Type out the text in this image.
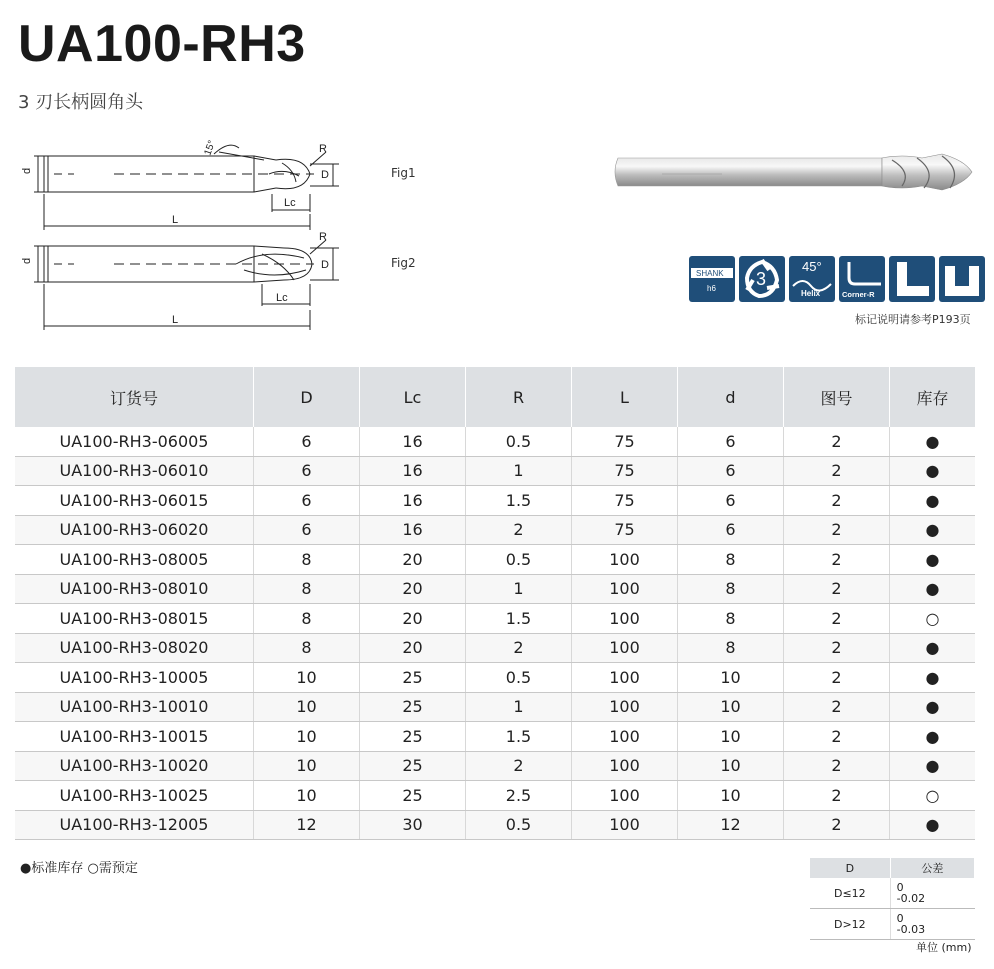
UA100-RH3
3 刃长柄圆角头
d	D
R
15°
Lc
L
d	D
R
Lc
L
Fig1
Fig2
SHANK
h6 3
45°
Helix	Corner-R
标记说明请参考P193页
订货号	D	Lc	R	L	d	图号	库存
UA100-RH3-06005	6	16	0.5	75	6	2	●
UA100-RH3-06010	6	16	1	75	6	2	●
UA100-RH3-06015	6	16	1.5	75	6	2	●
UA100-RH3-06020	6	16	2	75	6	2	●
UA100-RH3-08005	8	20	0.5	100	8	2	●
UA100-RH3-08010	8	20	1	100	8	2	●
UA100-RH3-08015	8	20	1.5	100	8	2	○
UA100-RH3-08020	8	20	2	100	8	2	●
UA100-RH3-10005	10	25	0.5	100	10	2	●
UA100-RH3-10010	10	25	1	100	10	2	●
UA100-RH3-10015	10	25	1.5	100	10	2	●
UA100-RH3-10020	10	25	2	100	10	2	●
UA100-RH3-10025	10	25	2.5	100	10	2	○
UA100-RH3-12005	12	30	0.5	100	12	2	●
●标准库存 ○需预定	D	公差
D≤12	0
-0.02

D>12	0
-0.03
单位 (mm)
